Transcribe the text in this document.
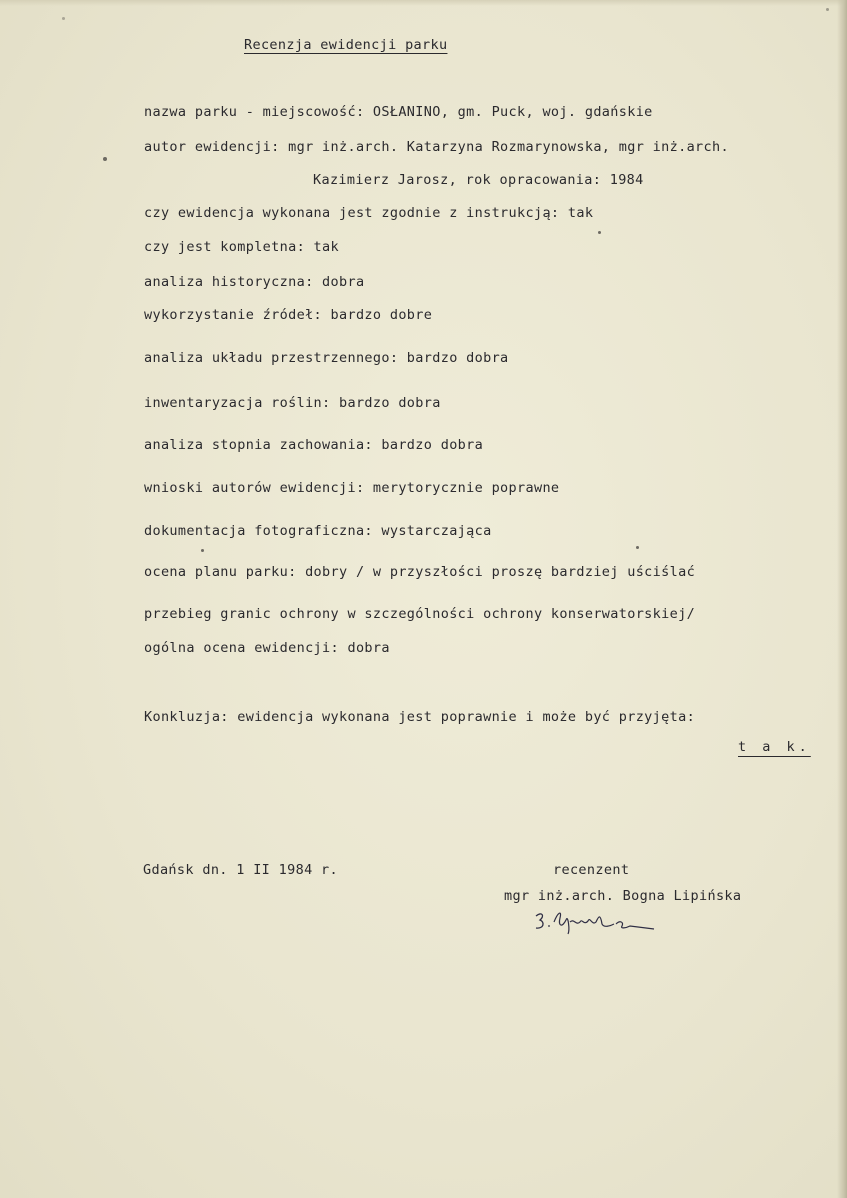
Recenzja ewidencji parku

nazwa parku - miejscowość: OSŁANINO, gm. Puck, woj. gdańskie

autor ewidencji: mgr inż.arch. Katarzyna Rozmarynowska, mgr inż.arch.

Kazimierz Jarosz, rok opracowania: 1984

czy ewidencja wykonana jest zgodnie z instrukcją: tak

czy jest kompletna: tak

analiza historyczna: dobra

wykorzystanie źródeł: bardzo dobre

analiza układu przestrzennego: bardzo dobra

inwentaryzacja roślin: bardzo dobra

analiza stopnia zachowania: bardzo dobra

wnioski autorów ewidencji: merytorycznie poprawne

dokumentacja fotograficzna: wystarczająca

ocena planu parku: dobry / w przyszłości proszę bardziej uściślać

przebieg granic ochrony w szczególności ochrony konserwatorskiej/

ogólna ocena ewidencji: dobra

Konkluzja: ewidencja wykonana jest poprawnie i może być przyjęta:

t a k.

Gdańsk dn. 1 II 1984 r.	recenzent

mgr inż.arch. Bogna Lipińska
